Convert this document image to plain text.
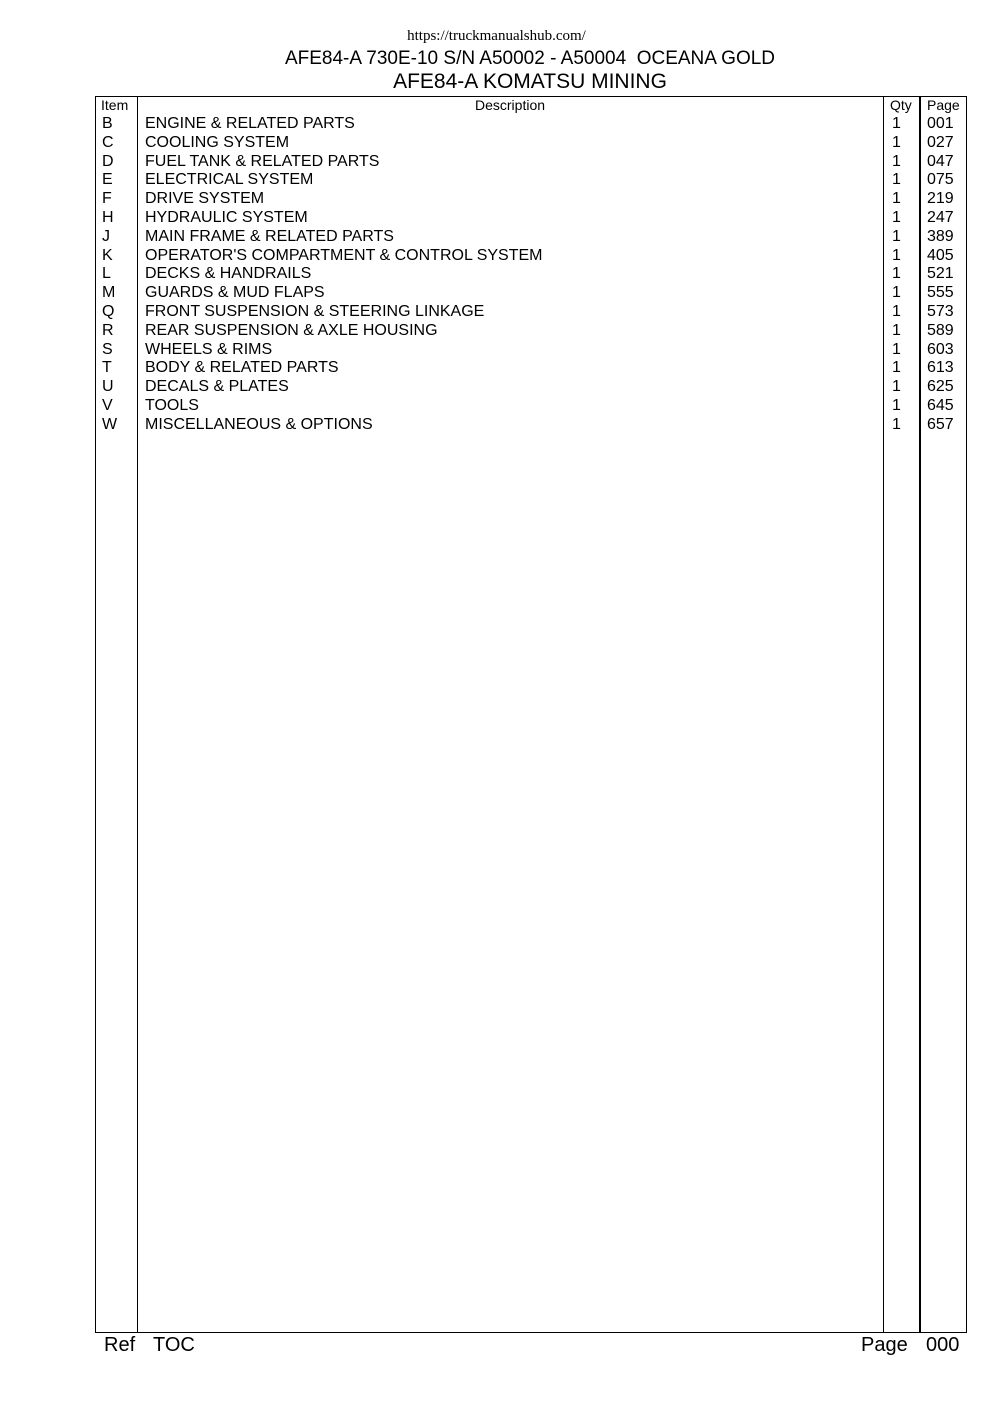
https://truckmanualshub.com/
AFE84-A 730E-10 S/N A50002 - A50004  OCEANA GOLD
AFE84-A KOMATSU MINING
Item	Description	Qty Page
B ENGINE & RELATED PARTS	1 001
C COOLING SYSTEM	1 027
D FUEL TANK & RELATED PARTS	1 047
E ELECTRICAL SYSTEM	1 075
F DRIVE SYSTEM	1 219
H HYDRAULIC SYSTEM	1 247
J MAIN FRAME & RELATED PARTS	1 389
K OPERATOR'S COMPARTMENT & CONTROL SYSTEM	1 405
L DECKS & HANDRAILS	1 521
M GUARDS & MUD FLAPS	1 555
Q FRONT SUSPENSION & STEERING LINKAGE	1 573
R REAR SUSPENSION & AXLE HOUSING	1 589
S WHEELS & RIMS	1 603
T BODY & RELATED PARTS	1 613
U DECALS & PLATES	1 625
V TOOLS	1 645
W MISCELLANEOUS & OPTIONS	1 657
Ref TOC	Page 000
